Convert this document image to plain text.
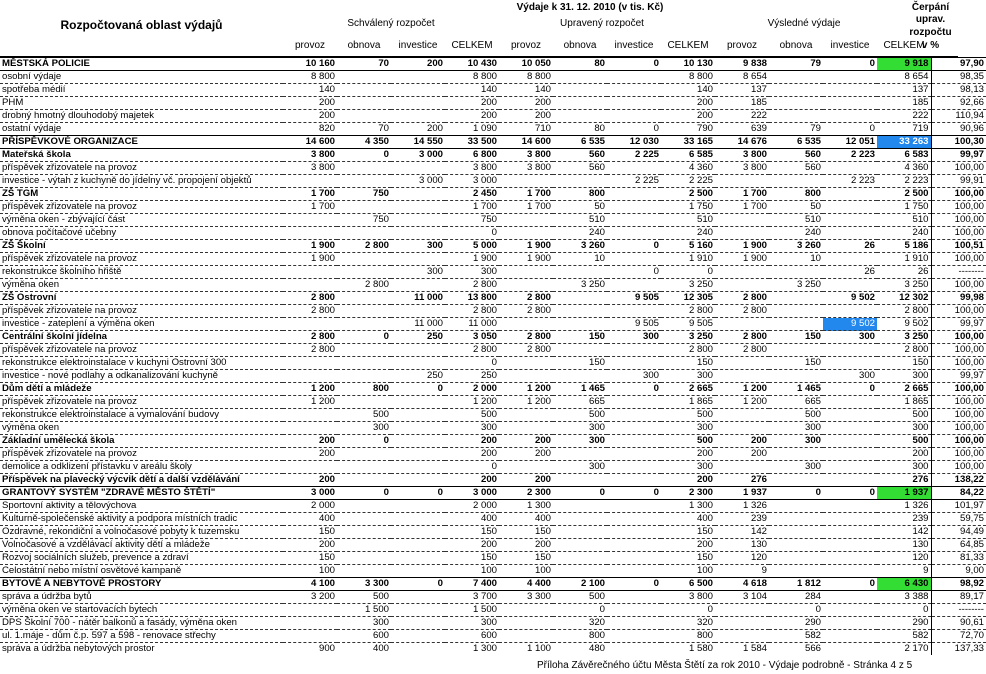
Rozpočtovaná oblast výdajů
Výdaje k 31. 12. 2010 (v tis. Kč)
Schválený rozpočet	Upravený rozpočet	Výsledné výdaje
Čerpání
uprav.
rozpočtu
v %
provoz	obnova	investice	CELKEM	provoz	obnova	investice	CELKEM	provoz	obnova	investice	CELKEM
MĚSTSKÁ POLICIE	10 160	70	200	10 430	10 050	80	0	10 130	9 838	79	0	9 918	97,90
osobní výdaje	8 800			8 800	8 800			8 800	8 654			8 654	98,35
spotřeba médií	140			140	140			140	137			137	98,13
PHM	200			200	200			200	185			185	92,66
drobný hmotný dlouhodobý majetek	200			200	200			200	222			222	110,94
ostatní výdaje	820	70	200	1 090	710	80	0	790	639	79	0	719	90,96
PŘÍSPĚVKOVÉ ORGANIZACE	14 600	4 350	14 550	33 500	14 600	6 535	12 030	33 165	14 676	6 535	12 051	33 263	100,30
Mateřská škola	3 800	0	3 000	6 800	3 800	560	2 225	6 585	3 800	560	2 223	6 583	99,97
příspěvek zřizovatele na provoz	3 800			3 800	3 800	560		4 360	3 800	560		4 360	100,00
investice - výtah z kuchyně do jídelny vč. propojení objektů			3 000	3 000			2 225	2 225			2 223	2 223	99,91
ZŠ TGM	1 700	750		2 450	1 700	800		2 500	1 700	800		2 500	100,00
příspěvek zřizovatele na provoz	1 700			1 700	1 700	50		1 750	1 700	50		1 750	100,00
výměna oken - zbývající část		750		750		510		510		510		510	100,00
obnova počítačové učebny				0		240		240		240		240	100,00
ZŠ Školní	1 900	2 800	300	5 000	1 900	3 260	0	5 160	1 900	3 260	26	5 186	100,51
příspěvek zřizovatele na provoz	1 900			1 900	1 900	10		1 910	1 900	10		1 910	100,00
rekonstrukce školního hřiště			300	300			0	0			26	26	--------
výměna oken		2 800		2 800		3 250		3 250		3 250		3 250	100,00
ZŠ Ostrovní	2 800		11 000	13 800	2 800		9 505	12 305	2 800		9 502	12 302	99,98
příspěvek zřizovatele na provoz	2 800			2 800	2 800			2 800	2 800			2 800	100,00
investice - zateplení a výměna oken			11 000	11 000			9 505	9 505			9 502	9 502	99,97
Centrální školní jídelna	2 800	0	250	3 050	2 800	150	300	3 250	2 800	150	300	3 250	100,00
příspěvek zřizovatele na provoz	2 800			2 800	2 800			2 800	2 800			2 800	100,00
rekonstrukce elektroinstalace v kuchyni Ostrovní 300				0		150		150		150		150	100,00
investice - nové podlahy a odkanalizování kuchyně			250	250			300	300			300	300	99,97
Dům dětí a mládeže	1 200	800	0	2 000	1 200	1 465	0	2 665	1 200	1 465	0	2 665	100,00
příspěvek zřizovatele na provoz	1 200			1 200	1 200	665		1 865	1 200	665		1 865	100,00
rekonstrukce elektroinstalace a vymalování budovy		500		500		500		500		500		500	100,00
výměna oken		300		300		300		300		300		300	100,00
Základní umělecká škola	200	0		200	200	300		500	200	300		500	100,00
příspěvek zřizovatele na provoz	200			200	200			200	200			200	100,00
demolice a odklizení přístavku v areálu školy				0		300		300		300		300	100,00
Příspěvek na plavecký výcvik dětí a další vzdělávání	200			200	200			200	276			276	138,22
GRANTOVÝ SYSTÉM "ZDRAVÉ MĚSTO ŠTĚTÍ"	3 000	0	0	3 000	2 300	0	0	2 300	1 937	0	0	1 937	84,22
Sportovní aktivity a tělovýchova	2 000			2 000	1 300			1 300	1 326			1 326	101,97
Kulturně-společenské aktivity a podpora místních tradic	400			400	400			400	239			239	59,75
Ozdravné, rekondiční a volnočasové pobyty k tuzemsku	150			150	150			150	142			142	94,49
Volnočasové a vzdělávací aktivity dětí a mládeže	200			200	200			200	130			130	64,85
Rozvoj sociálních služeb, prevence a zdraví	150			150	150			150	120			120	81,33
Celostátní nebo místní osvětové kampaně	100			100	100			100	9			9	9,00
BYTOVÉ A NEBYTOVÉ PROSTORY	4 100	3 300	0	7 400	4 400	2 100	0	6 500	4 618	1 812	0	6 430	98,92
správa a údržba bytů	3 200	500		3 700	3 300	500		3 800	3 104	284		3 388	89,17
výměna oken ve startovacích bytech		1 500		1 500		0		0		0		0	--------
DPS Školní 700 - nátěr balkonů a fasády, výměna oken		300		300		320		320		290		290	90,61
ul. 1.máje - dům č.p. 597 a 598 - renovace střechy		600		600		800		800		582		582	72,70
správa a údržba nebytových prostor	900	400		1 300	1 100	480		1 580	1 584	566		2 170	137,33
Příloha Závěrečného účtu Města Štětí za rok 2010 - Výdaje podrobně - Stránka 4 z 5
